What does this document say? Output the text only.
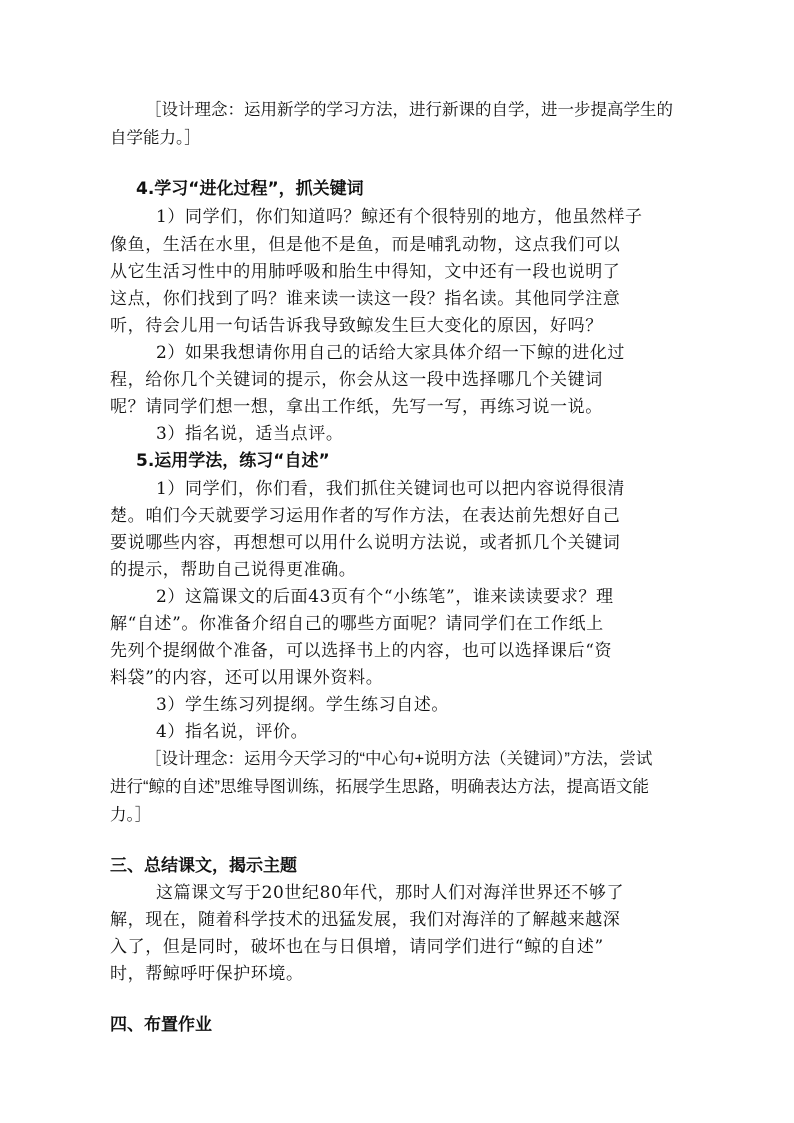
［设计理念：运用新学的学习方法，进行新课的自学，进一步提高学生的
自学能力。］
4.学习“进化过程”，抓关键词
1）同学们，你们知道吗？鲸还有个很特别的地方，他虽然样子
像鱼，生活在水里，但是他不是鱼，而是哺乳动物，这点我们可以
从它生活习性中的用肺呼吸和胎生中得知，文中还有一段也说明了
这点，你们找到了吗？谁来读一读这一段？指名读。其他同学注意
听，待会儿用一句话告诉我导致鲸发生巨大变化的原因，好吗？
2）如果我想请你用自己的话给大家具体介绍一下鲸的进化过
程，给你几个关键词的提示，你会从这一段中选择哪几个关键词
呢？请同学们想一想，拿出工作纸，先写一写，再练习说一说。
3）指名说，适当点评。
5.运用学法，练习“自述”
1）同学们，你们看，我们抓住关键词也可以把内容说得很清
楚。咱们今天就要学习运用作者的写作方法，在表达前先想好自己
要说哪些内容，再想想可以用什么说明方法说，或者抓几个关键词
的提示，帮助自己说得更准确。
2）这篇课文的后面43页有个“小练笔”，谁来读读要求？理
解“自述”。你准备介绍自己的哪些方面呢？请同学们在工作纸上
先列个提纲做个准备，可以选择书上的内容，也可以选择课后“资
料袋”的内容，还可以用课外资料。
3）学生练习列提纲。学生练习自述。
4）指名说，评价。
［设计理念：运用今天学习的“中心句+说明方法（关键词）”方法，尝试
进行“鲸的自述”思维导图训练，拓展学生思路，明确表达方法，提高语文能
力。］
三、总结课文，揭示主题
这篇课文写于20世纪80年代，那时人们对海洋世界还不够了
解，现在，随着科学技术的迅猛发展，我们对海洋的了解越来越深
入了，但是同时，破坏也在与日俱增，请同学们进行“鲸的自述”
时，帮鲸呼吁保护环境。
四、布置作业
